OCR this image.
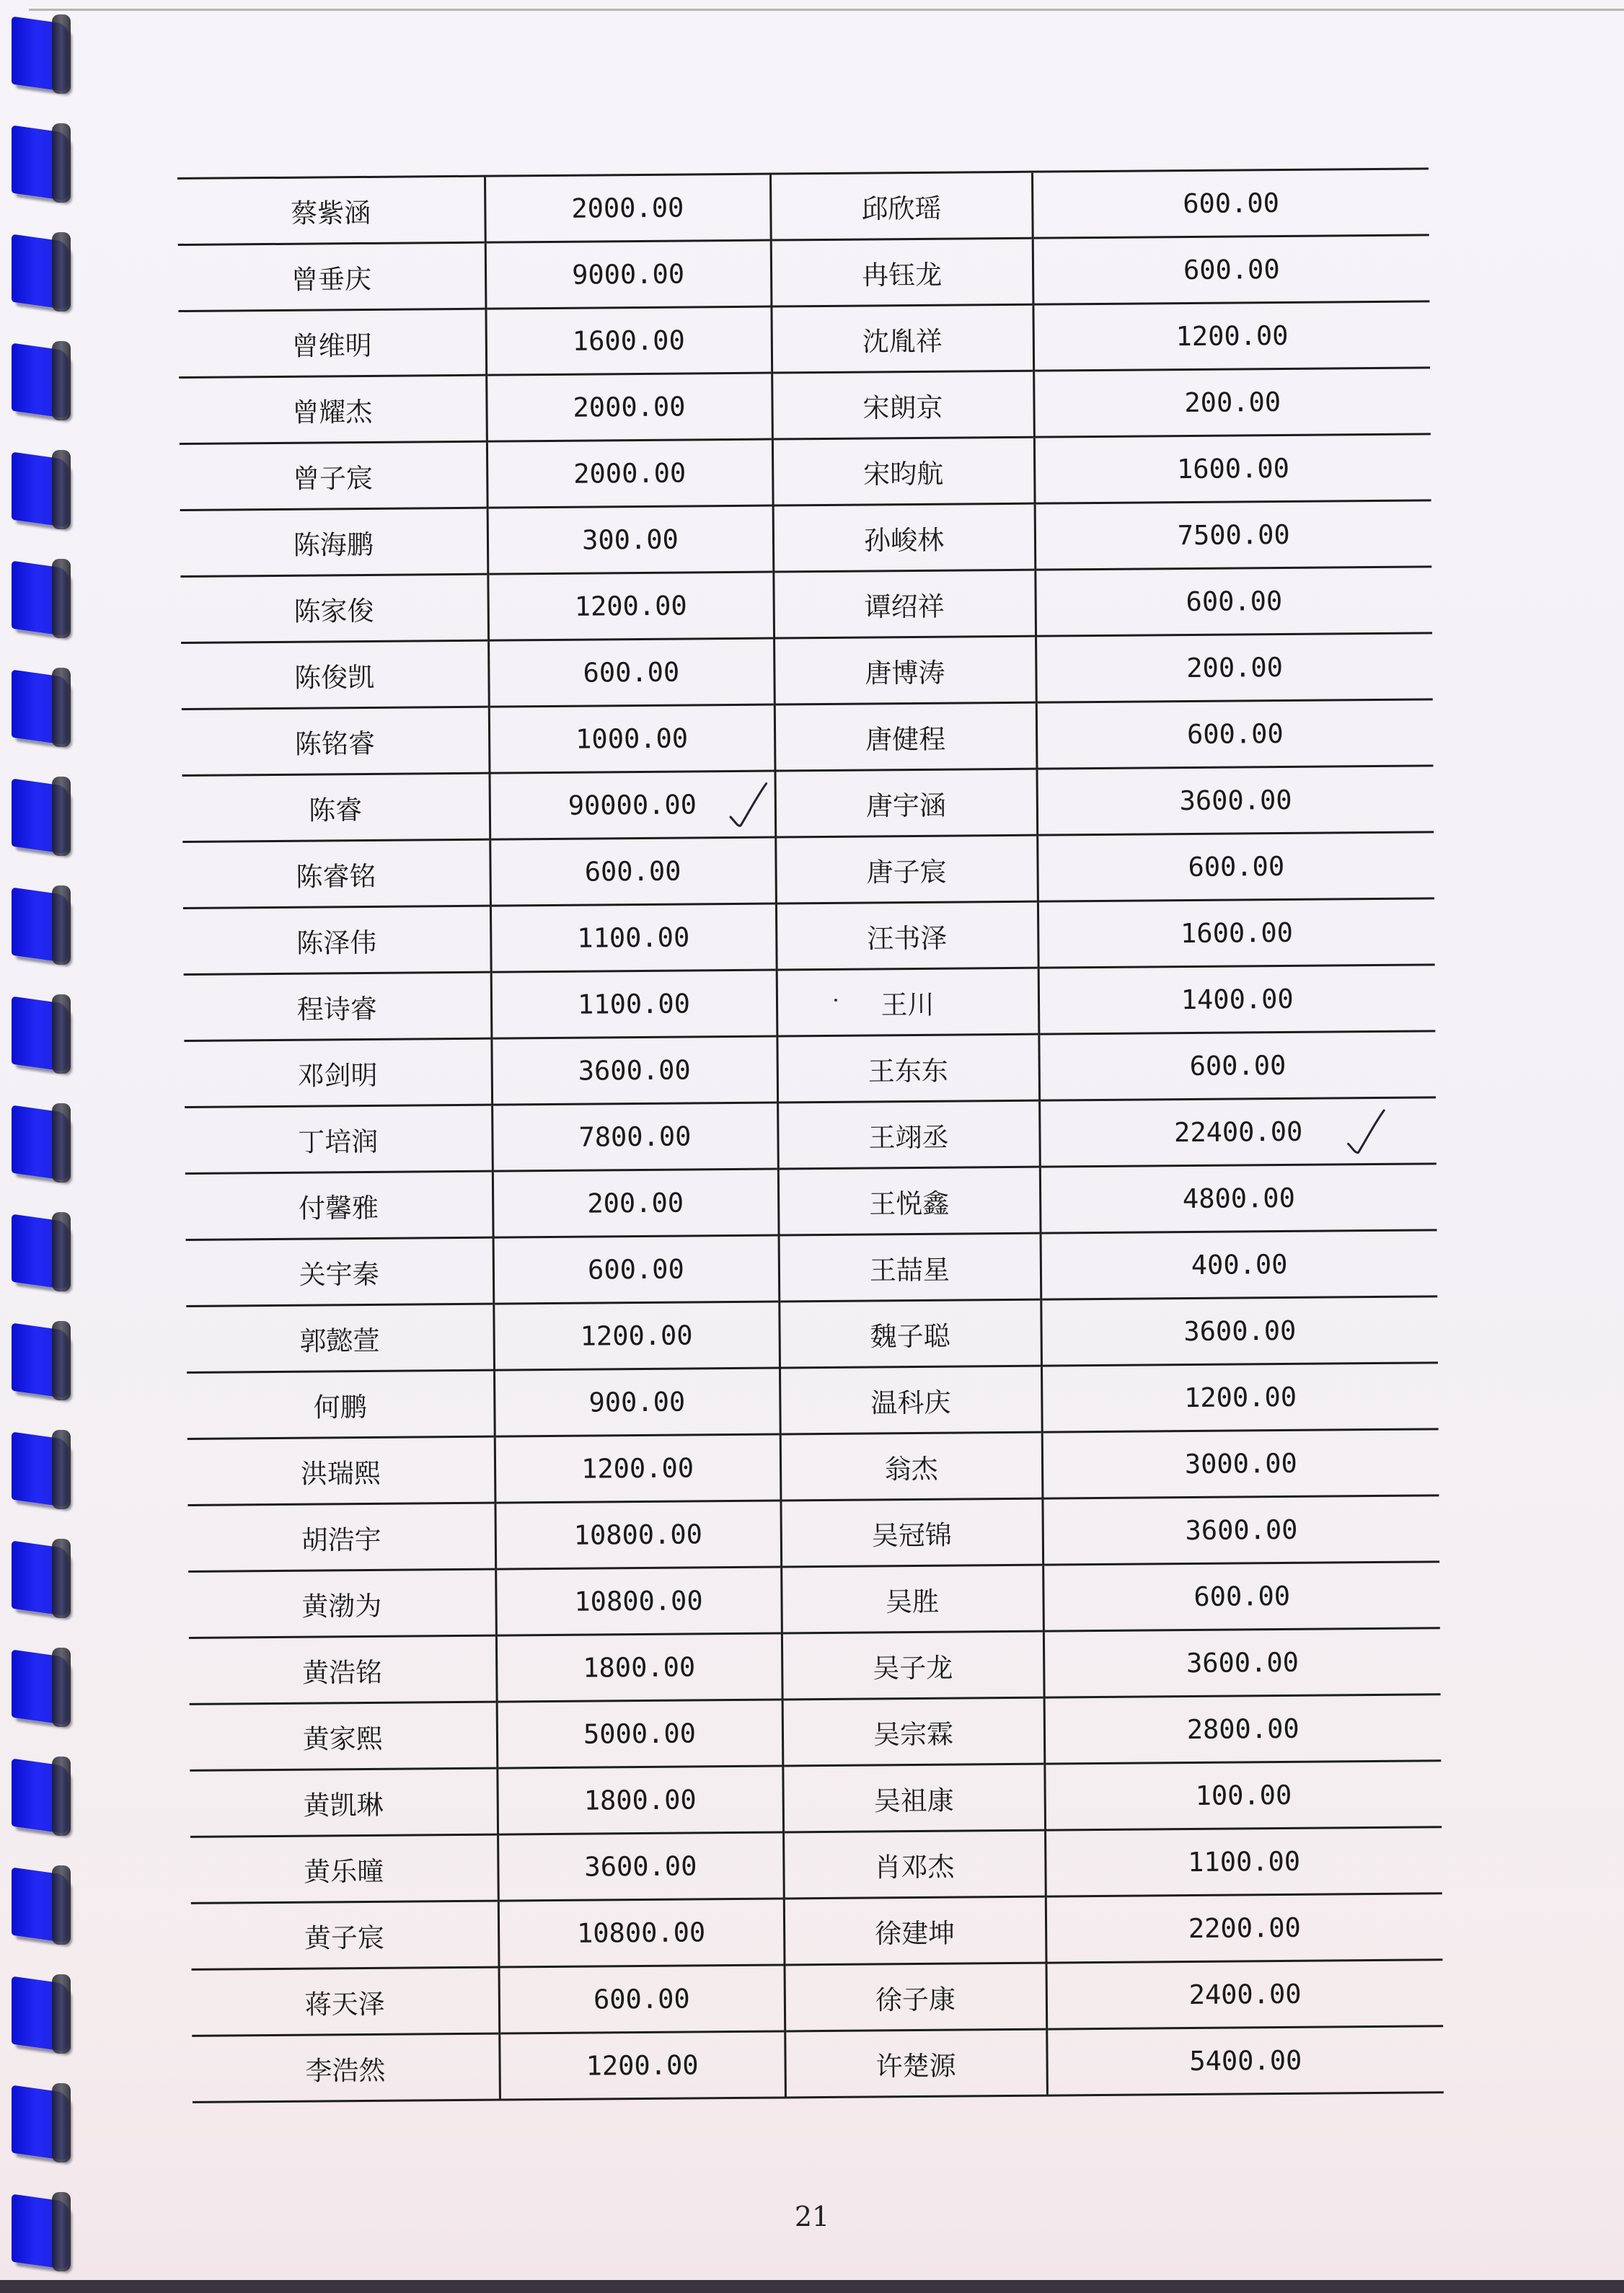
蔡紫涵	2000.00	邱欣瑶	600.00
曾垂庆	9000.00	冉钰龙	600.00
曾维明	1600.00	沈胤祥	1200.00
曾耀杰	2000.00	宋朗京	200.00
曾子宸	2000.00	宋昀航	1600.00
陈海鹏	300.00	孙峻林	7500.00
陈家俊	1200.00	谭绍祥	600.00
陈俊凯	600.00	唐博涛	200.00
陈铭睿	1000.00	唐健程	600.00
陈睿	90000.00	唐宇涵	3600.00
陈睿铭	600.00	唐子宸	600.00
陈泽伟	1100.00	汪书泽	1600.00
程诗睿	1100.00	王川	1400.00
邓剑明	3600.00	王东东	600.00
丁培润	7800.00	王翊丞	22400.00

付馨雅	200.00	王悦鑫	4800.00
关宇秦	600.00	王喆星	400.00
郭懿萱	1200.00	魏子聪	3600.00
何鹏	900.00	温科庆	1200.00
洪瑞熙	1200.00	翁杰	3000.00
胡浩宇	10800.00	吴冠锦	3600.00
黄渤为	10800.00	吴胜	600.00
黄浩铭	1800.00	吴子龙	3600.00
黄家熙	5000.00	吴宗霖	2800.00
黄凯琳	1800.00	吴祖康	100.00
黄乐曈	3600.00	肖邓杰	1100.00
黄子宸	10800.00	徐建坤	2200.00
蒋天泽	600.00	徐子康	2400.00
李浩然	1200.00	许楚源	5400.00
21
